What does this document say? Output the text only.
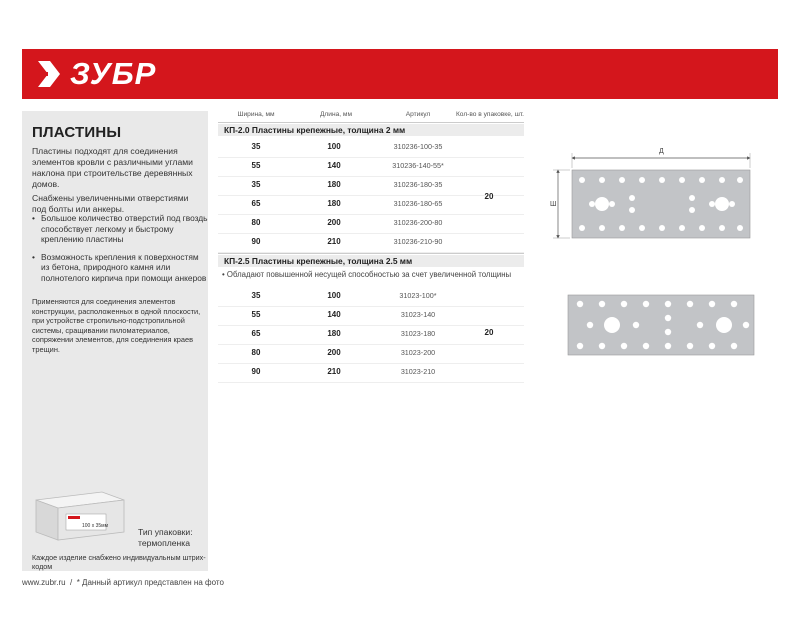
ЗУБР
ПЛАСТИНЫ

Пластины подходят для соединения элементов кровли с различными углами наклона при строительстве деревянных домов.

Снабжены увеличенными отверстиями под болты или анкеры.

• Большое количество отверстий под гвоздь способствует легкому и быстрому креплению пластины
• Возможность крепления к поверхностям из бетона, природного камня или полнотелого кирпича при помощи анкеров
Применяются для соединения элементов конструкции, расположенных в одной плоскости, при устройстве стропильно-подстропильной системы, сращивании пиломатериалов, сопряжении элементов, для соединения краев трещин.
100 x 35мм
Тип упаковки:
термопленка
Каждое изделие снабжено индивидуальным штрих-кодом
Ширина, мм	Длина, мм	Артикул	Кол-во в упаковке, шт.
КП-2.0 Пластины крепежные, толщина 2 мм
35	100	310236-100-35
55	140	310236-140-55*
35	180	310236-180-35
65	180	310236-180-65
80	200	310236-200-80
90	210	310236-210-90
20
КП-2.5 Пластины крепежные, толщина 2.5 мм
• Обладают повышенной несущей способностью за счет увеличенной толщины
35	100	31023-100*
55	140	31023-140
65	180	31023-180
80	200	31023-200
90	210	31023-210
20
Д
Ш
www.zubr.ru / * Данный артикул представлен на фото
